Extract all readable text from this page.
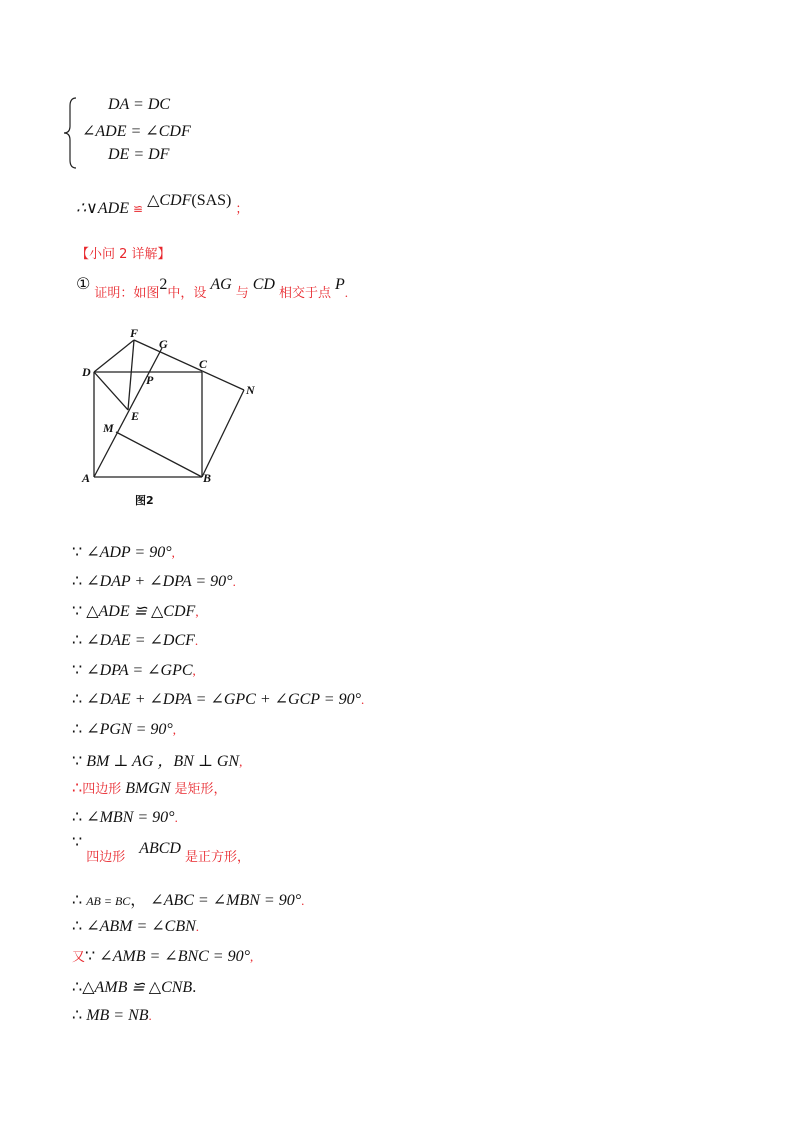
DA = DC
∠ADE = ∠CDF
DE = DF
∴∨ADE ≌ △CDF(SAS) ；
【小问 2 详解】
① $_{证明:如图}2_{中,设}$ AG $_与$ CD $_{相交于点}$ $P_.$
F
G
D
C
P
N
E
M
A	B
图2
∵ ∠ADP = 90°,
∴ ∠DAP + ∠DPA = 90°.
∵ △ADE ≌ △CDF,
∴ ∠DAE = ∠DCF.
∵ ∠DPA = ∠GPC,
∴ ∠DAE + ∠DPA = ∠GPC + ∠GCP = 90°.
∴ ∠PGN = 90°,
∵ BM ⊥ AG ，BN ⊥ GN,
∴四边形 BMGN 是矩形，
∴ ∠MBN = 90°.
∵ $_{四边形}$ ABCD $_{是正方形,}$
∴ AB = BC， ∠ABC = ∠MBN = 90°.
∴ ∠ABM = ∠CBN.
又∵ ∠AMB = ∠BNC = 90°,
∴△AMB ≌ △CNB.
∴ MB = NB.
